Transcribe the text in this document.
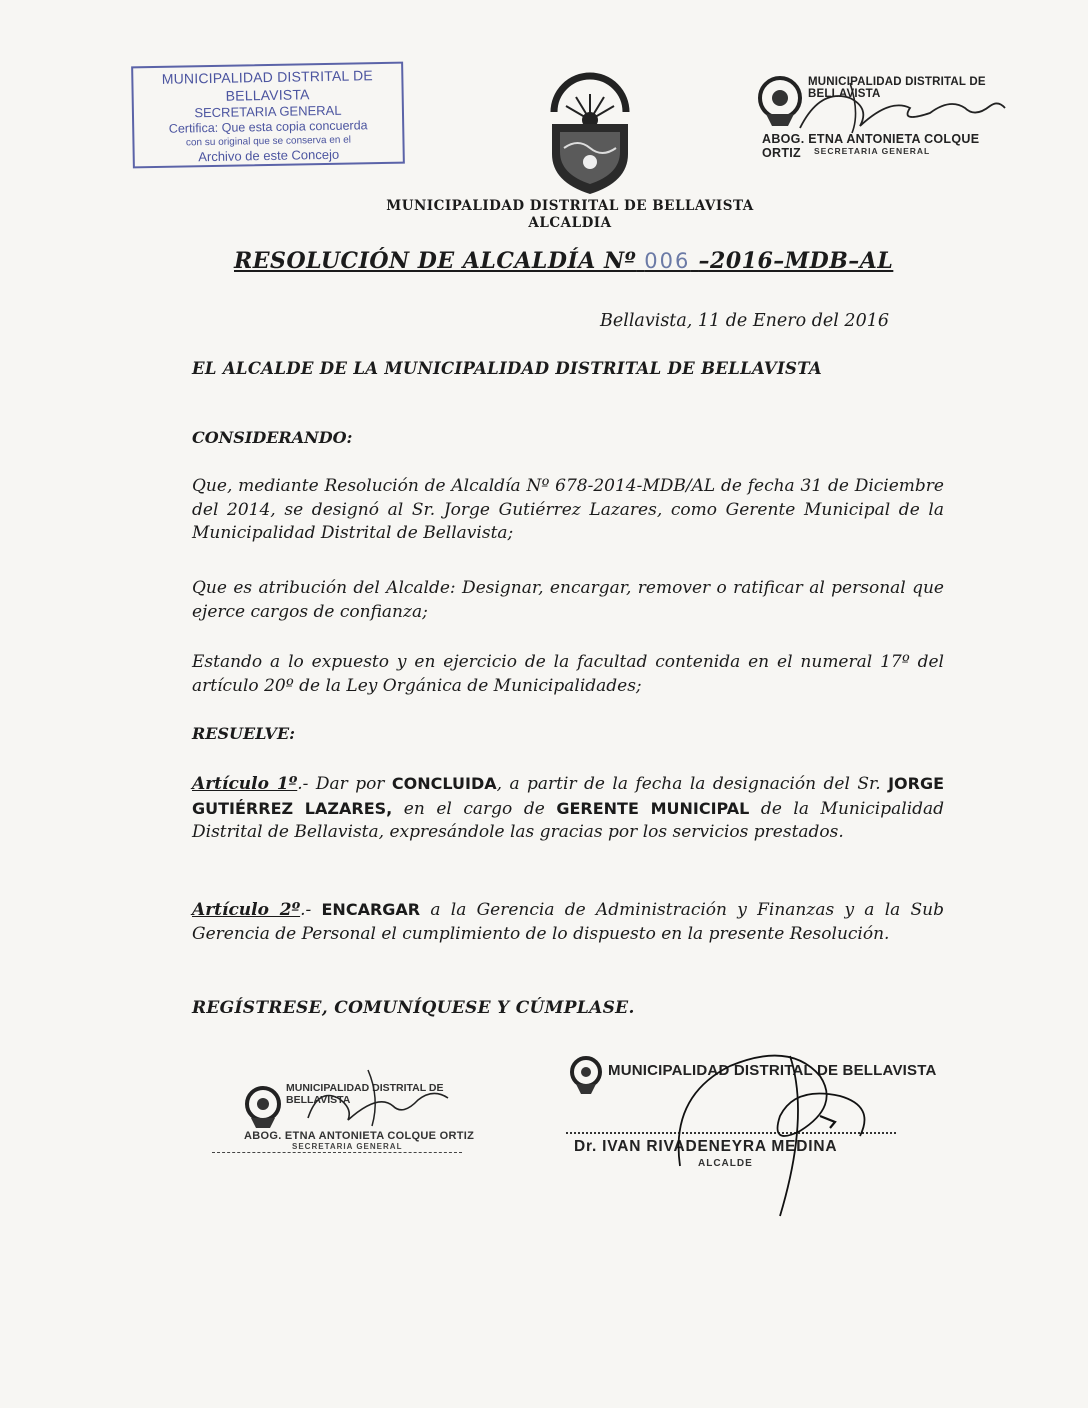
MUNICIPALIDAD DISTRITAL DE BELLAVISTA
SECRETARIA GENERAL
Certifica: Que esta copia concuerda
con su original que se conserva en el
Archivo de este Concejo
MUNICIPALIDAD DISTRITAL DE BELLAVISTA
ABOG. ETNA ANTONIETA COLQUE ORTIZ	SECRETARIA GENERAL
MUNICIPALIDAD DISTRITAL DE BELLAVISTA
ALCALDIA
RESOLUCIÓN DE ALCALDÍA Nº 006 –2016–MDB–AL
Bellavista, 11 de Enero del 2016
EL ALCALDE DE LA MUNICIPALIDAD DISTRITAL DE BELLAVISTA
CONSIDERANDO:
Que, mediante Resolución de Alcaldía Nº 678-2014-MDB/AL de fecha 31 de Diciembre del 2014, se designó al Sr. Jorge Gutiérrez Lazares, como Gerente Municipal de la Municipalidad Distrital de Bellavista;
Que es atribución del Alcalde: Designar, encargar, remover o ratificar al personal que ejerce cargos de confianza;
Estando a lo expuesto y en ejercicio de la facultad contenida en el numeral 17º del artículo 20º de la Ley Orgánica de Municipalidades;
RESUELVE:
Artículo 1º.- Dar por CONCLUIDA, a partir de la fecha la designación del Sr. JORGE GUTIÉRREZ LAZARES, en el cargo de GERENTE MUNICIPAL de la Municipalidad Distrital de Bellavista, expresándole las gracias por los servicios prestados.
Artículo 2º.- ENCARGAR a la Gerencia de Administración y Finanzas y a la Sub Gerencia de Personal el cumplimiento de lo dispuesto en la presente Resolución.
REGÍSTRESE, COMUNÍQUESE Y CÚMPLASE.
MUNICIPALIDAD DISTRITAL DE BELLAVISTA
ABOG. ETNA ANTONIETA COLQUE ORTIZ
SECRETARIA GENERAL
MUNICIPALIDAD DISTRITAL DE BELLAVISTA
Dr. IVAN RIVADENEYRA MEDINA
ALCALDE
